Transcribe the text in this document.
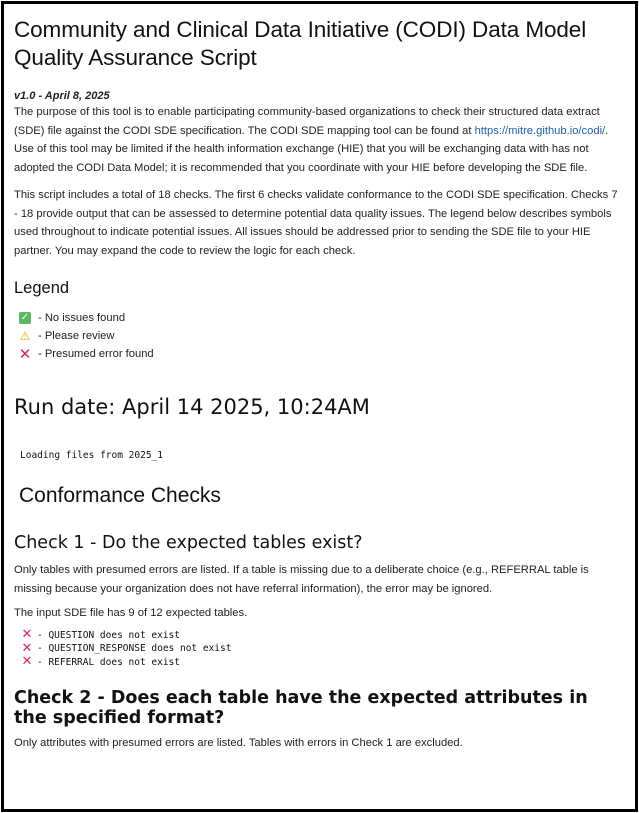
Community and Clinical Data Initiative (CODI) Data Model Quality Assurance Script
v1.0 - April 8, 2025

The purpose of this tool is to enable participating community-based organizations to check their structured data extract (SDE) file against the CODI SDE specification. The CODI SDE mapping tool can be found at https://mitre.github.io/codi/. Use of this tool may be limited if the health information exchange (HIE) that you will be exchanging data with has not adopted the CODI Data Model; it is recommended that you coordinate with your HIE before developing the SDE file.

This script includes a total of 18 checks. The first 6 checks validate conformance to the CODI SDE specification. Checks 7 - 18 provide output that can be assessed to determine potential data quality issues. The legend below describes symbols used throughout to indicate potential issues. All issues should be addressed prior to sending the SDE file to your HIE partner. You may expand the code to review the logic for each check.

Legend
✓ - No issues found
⚠ - Please review
✕ - Presumed error found
Run date: April 14 2025, 10:24AM
Loading files from 2025_1
Conformance Checks
Check 1 - Do the expected tables exist?

Only tables with presumed errors are listed. If a table is missing due to a deliberate choice (e.g., REFERRAL table is missing because your organization does not have referral information), the error may be ignored.

The input SDE file has 9 of 12 expected tables.

✕ - QUESTION does not exist
✕ - QUESTION_RESPONSE does not exist
✕ - REFERRAL does not exist
Check 2 - Does each table have the expected attributes in the specified format?

Only attributes with presumed errors are listed. Tables with errors in Check 1 are excluded.
